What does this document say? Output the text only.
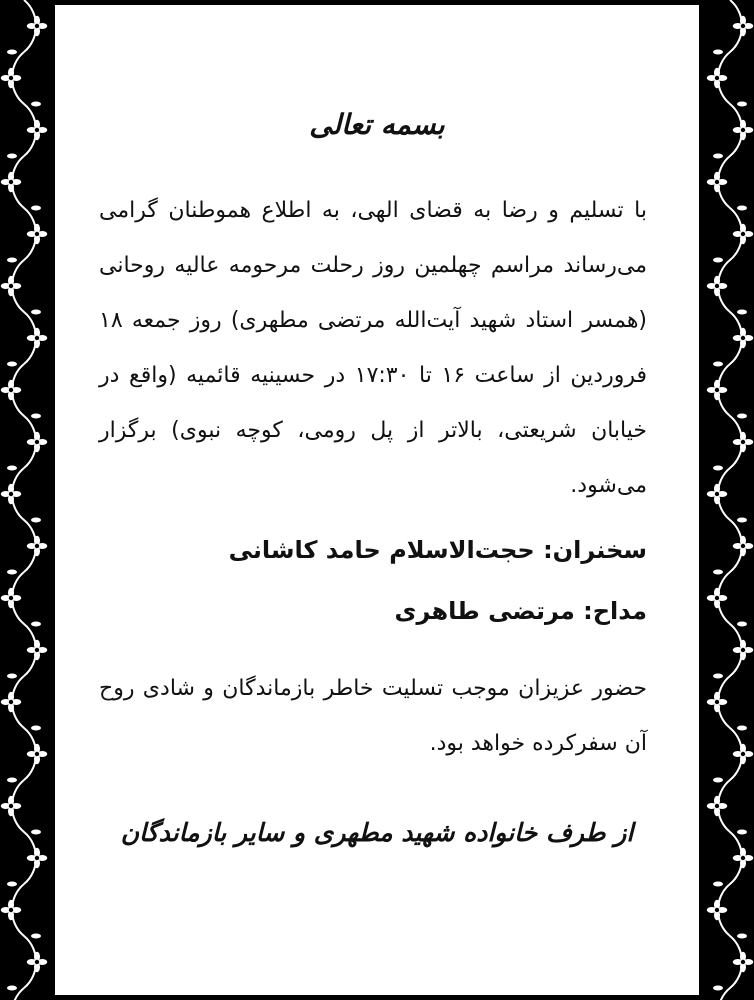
بسمه تعالی

با تسلیم و رضا به قضای الهی، به اطلاع هموطنان گرامی می‌رساند مراسم چهلمین روز رحلت مرحومه عالیه روحانی (همسر استاد شهید آیت‌الله مرتضی مطهری) روز جمعه ۱۸ فروردین از ساعت ۱۶ تا ۱۷:۳۰ در حسینیه قائمیه (واقع در خیابان شریعتی، بالاتر از پل رومی، کوچه نبوی) برگزار می‌شود.

سخنران: حجت‌الاسلام حامد کاشانی

مداح: مرتضی طاهری

حضور عزیزان موجب تسلیت خاطر بازماندگان و شادی روح آن سفرکرده خواهد بود.

از طرف خانواده شهید مطهری و سایر بازماندگان
